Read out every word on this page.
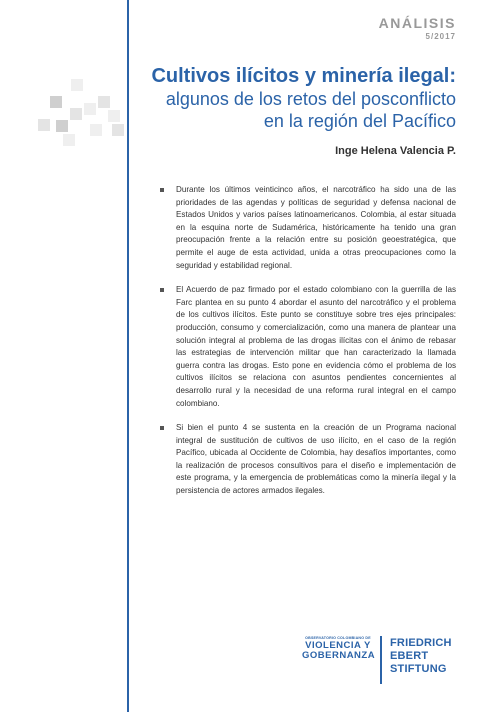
ANÁLISIS
5/2017
Cultivos ilícitos y minería ilegal:
algunos de los retos del posconflicto
en la región del Pacífico
Inge Helena Valencia P.
Durante los últimos veinticinco años, el narcotráfico ha sido una de las prioridades de las agendas y políticas de seguridad y defensa nacional de Estados Unidos y varios países latinoamericanos. Colombia, al estar situada en la esquina norte de Sudamérica, históricamente ha tenido una gran preocupación frente a la relación entre su posición geoestratégica, que permite el auge de esta actividad, unida a otras preocupaciones como la seguridad y estabilidad regional.
El Acuerdo de paz firmado por el estado colombiano con la guerrilla de las Farc plantea en su punto 4 abordar el asunto del narcotráfico y el problema de los cultivos ilícitos. Este punto se constituye sobre tres ejes principales: producción, consumo y comercialización, como una manera de plantear una solución integral al problema de las drogas ilícitas con el ánimo de rebasar las estrategias de intervención militar que han caracterizado la llamada guerra contra las drogas. Esto pone en evidencia cómo el problema de los cultivos ilícitos se relaciona con asuntos pendientes concernientes al desarrollo rural y la necesidad de una reforma rural integral en el campo colombiano.
Si bien el punto 4 se sustenta en la creación de un Programa nacional integral de sustitución de cultivos de uso ilícito, en el caso de la región Pacífico, ubicada al Occidente de Colombia, hay desafíos importantes, como la realización de procesos consultivos para el diseño e implementación de este programa, y la emergencia de problemáticas como la minería ilegal y la persistencia de actores armados ilegales.
OBSERVATORIO COLOMBIANO DE
VIOLENCIA Y
GOBERNANZA
FRIEDRICH
EBERT
STIFTUNG
